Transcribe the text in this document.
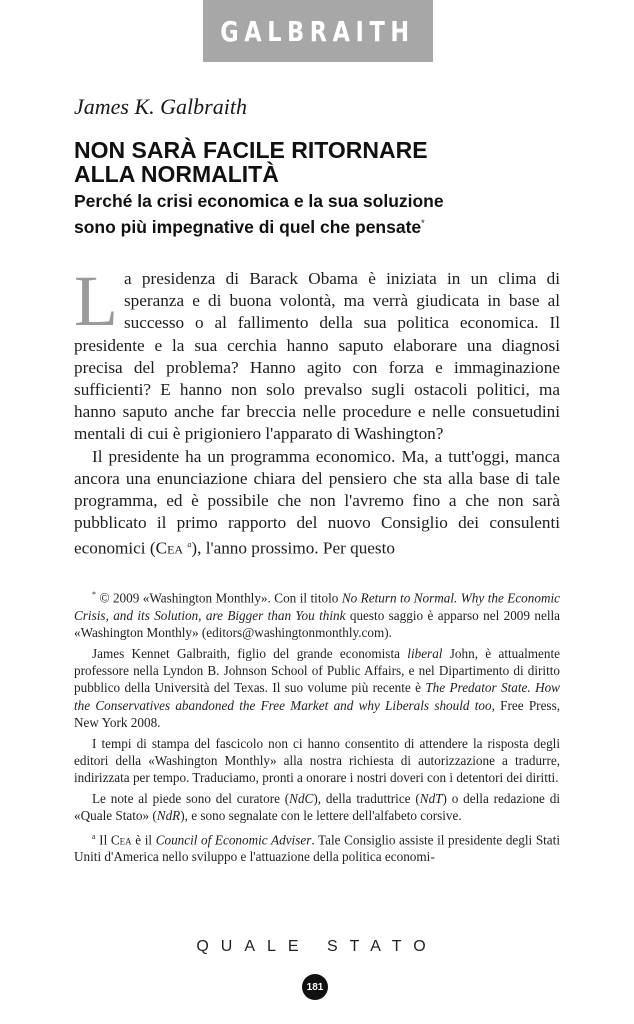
GALBRAITH

James K. Galbraith

NON SARÀ FACILE RITORNARE
ALLA NORMALITÀ
Perché la crisi economica e la sua soluzione
sono più impegnative di quel che pensate*

La presidenza di Barack Obama è iniziata in un clima di speranza e di buona volontà, ma verrà giudicata in base al successo o al fallimento della sua politica economica. Il presidente e la sua cerchia hanno saputo elaborare una diagnosi precisa del problema? Hanno agito con forza e immaginazione sufficienti? E hanno non solo prevalso sugli ostacoli politici, ma hanno saputo anche far breccia nelle procedure e nelle consuetudini mentali di cui è prigioniero l'apparato di Washington?

Il presidente ha un programma economico. Ma, a tutt'oggi, manca ancora una enunciazione chiara del pensiero che sta alla base di tale programma, ed è possibile che non l'avremo fino a che non sarà pubblicato il primo rapporto del nuovo Consiglio dei consulenti economici (Cea $^a$), l'anno prossimo. Per questo

* © 2009 «Washington Monthly». Con il titolo No Return to Normal. Why the Economic Crisis, and its Solution, are Bigger than You think questo saggio è apparso nel 2009 nella «Washington Monthly» (editors@washingtonmonthly.com).

James Kennet Galbraith, figlio del grande economista liberal John, è attualmente professore nella Lyndon B. Johnson School of Public Affairs, e nel Dipartimento di diritto pubblico della Università del Texas. Il suo volume più recente è The Predator State. How the Conservatives abandoned the Free Market and why Liberals should too, Free Press, New York 2008.

I tempi di stampa del fascicolo non ci hanno consentito di attendere la risposta degli editori della «Washington Monthly» alla nostra richiesta di autorizzazione a tradurre, indirizzata per tempo. Traduciamo, pronti a onorare i nostri doveri con i detentori dei diritti.

Le note al piede sono del curatore (NdC), della traduttrice (NdT) o della redazione di «Quale Stato» (NdR), e sono segnalate con le lettere dell'alfabeto corsive.

$^a$ Il Cea è il Council of Economic Adviser. Tale Consiglio assiste il presidente degli Stati Uniti d'America nello sviluppo e l'attuazione della politica economi-

QUALE STATO
181
